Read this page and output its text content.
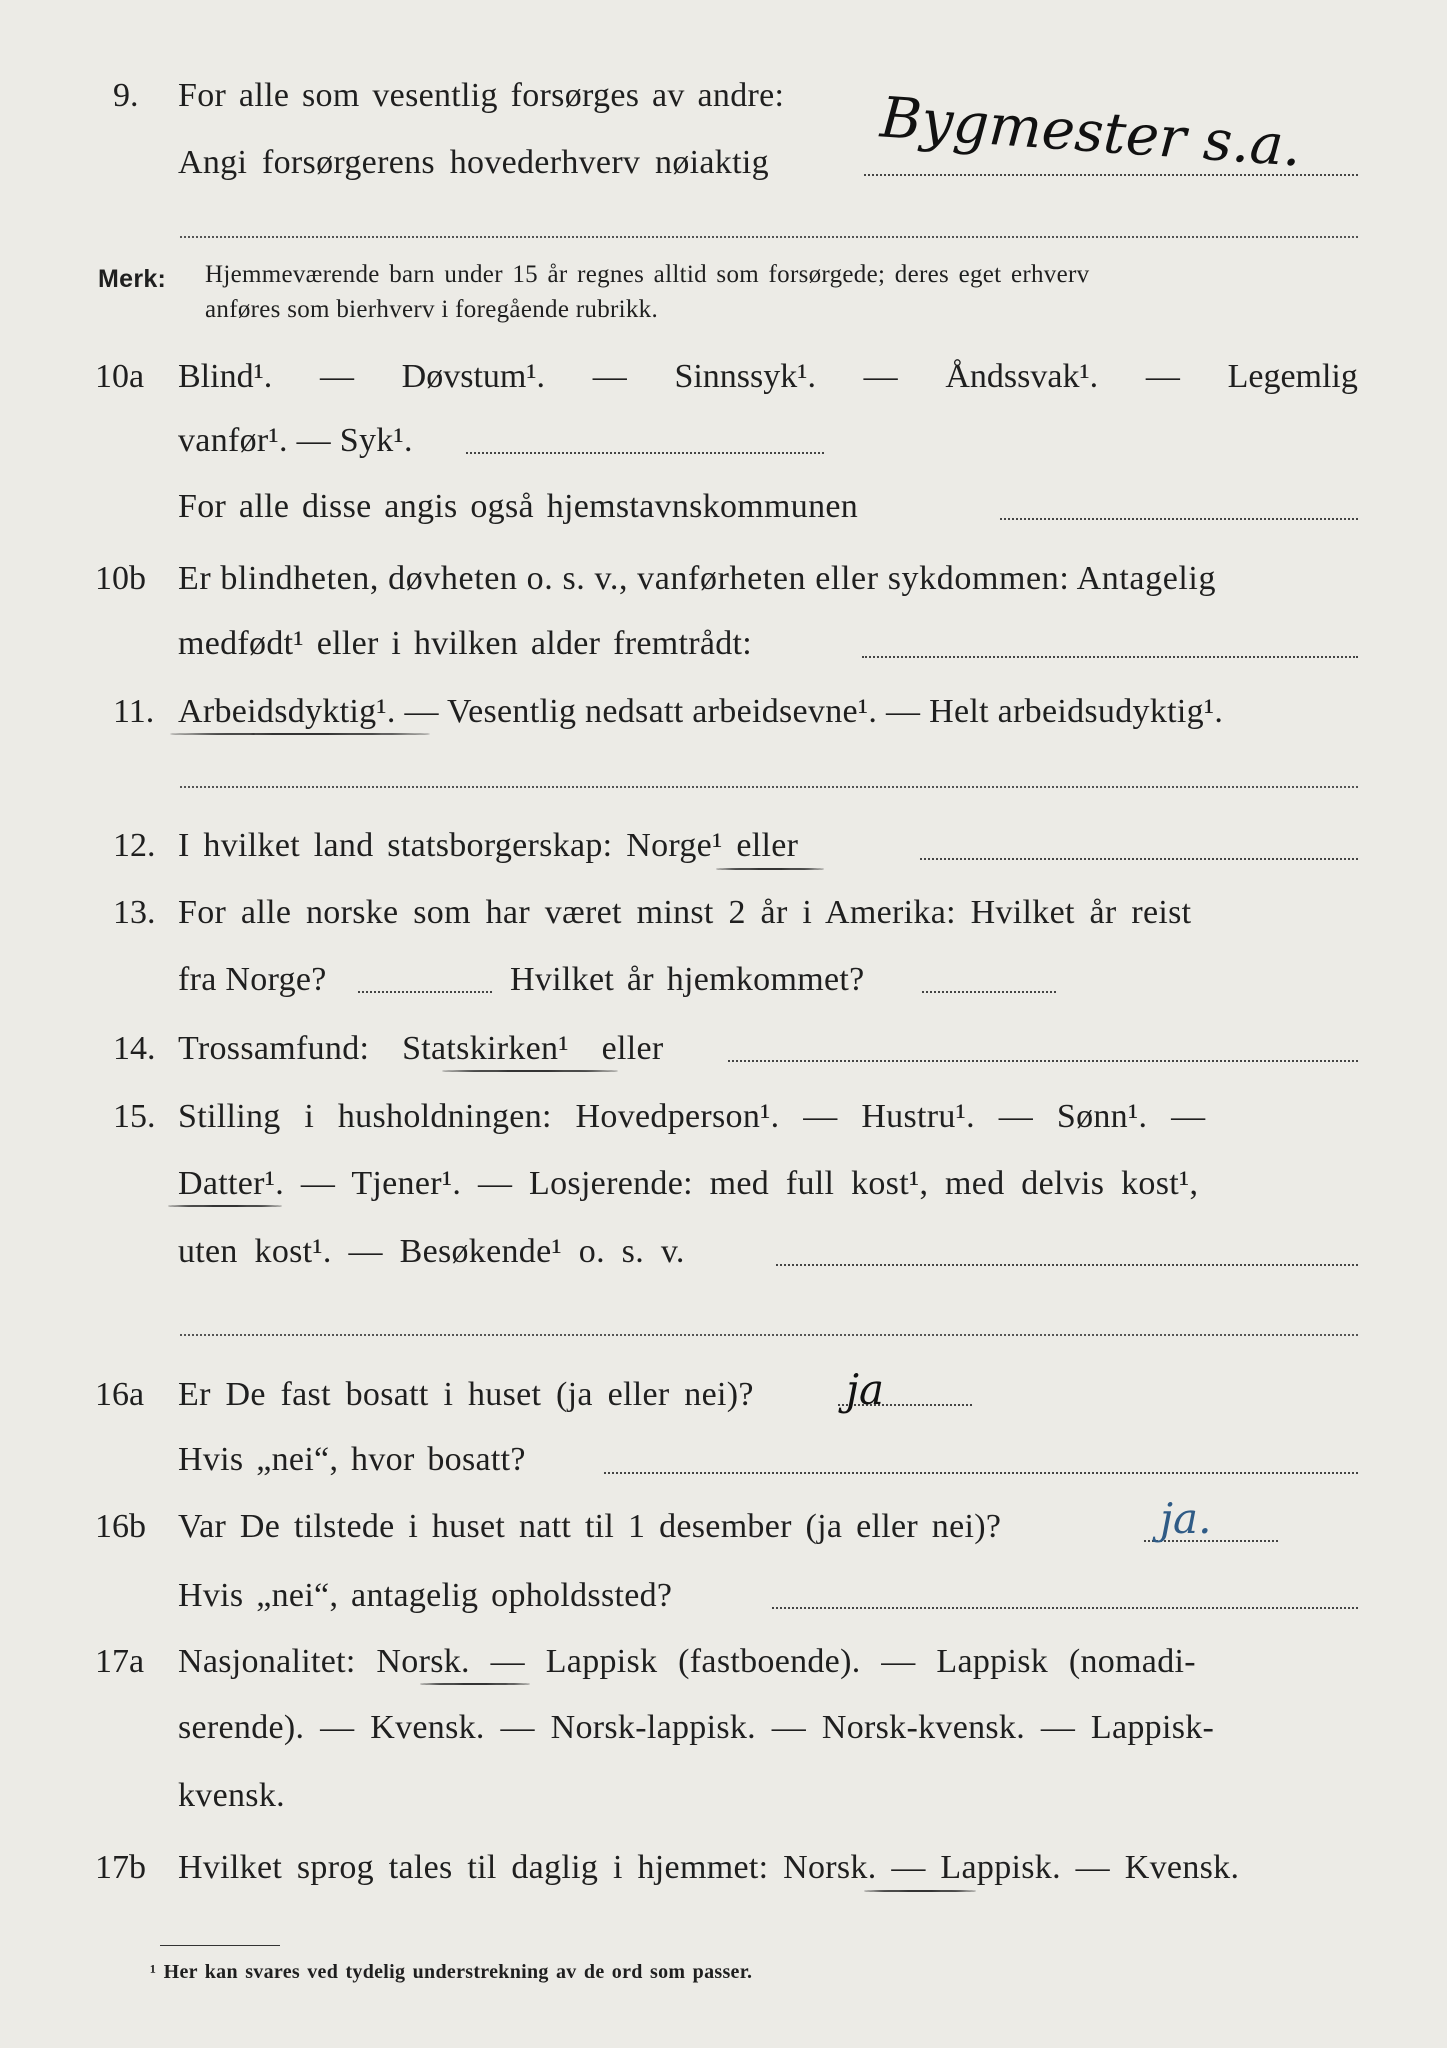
9. For alle som vesentlig forsørges av andre:
Angi forsørgerens hovederhverv nøiaktig Bygmester s.a.
Merk: Hjemmeværende barn under 15 år regnes alltid som forsørgede; deres eget erhverv
anføres som bierhverv i foregående rubrikk.
10a Blind¹. — Døvstum¹. — Sinnssyk¹. — Åndssvak¹. — Legemlig
vanfør¹. — Syk¹.
For alle disse angis også hjemstavnskommunen
10b Er blindheten, døvheten o. s. v., vanførheten eller sykdommen: Antagelig
medfødt¹ eller i hvilken alder fremtrådt:
11. Arbeidsdyktig¹. — Vesentlig nedsatt arbeidsevne¹. — Helt arbeidsudyktig¹.
12. I hvilket land statsborgerskap: Norge¹ eller
13. For alle norske som har været minst 2 år i Amerika: Hvilket år reist
fra Norge?	Hvilket år hjemkommet?
14. Trossamfund: Statskirken¹ eller
15. Stilling i husholdningen: Hovedperson¹. — Hustru¹. — Sønn¹. —
Datter¹. — Tjener¹. — Losjerende: med full kost¹, med delvis kost¹,
uten kost¹. — Besøkende¹ o. s. v.
16a Er De fast bosatt i huset (ja eller nei)? ja
Hvis „nei“, hvor bosatt?
16b Var De tilstede i huset natt til 1 desember (ja eller nei)?	ja.
Hvis „nei“, antagelig opholdssted?
17a Nasjonalitet: Norsk. — Lappisk (fastboende). — Lappisk (nomadi-
serende). — Kvensk. — Norsk-lappisk. — Norsk-kvensk. — Lappisk-
kvensk.
17b Hvilket sprog tales til daglig i hjemmet: Norsk. — Lappisk. — Kvensk.
¹ Her kan svares ved tydelig understrekning av de ord som passer.
